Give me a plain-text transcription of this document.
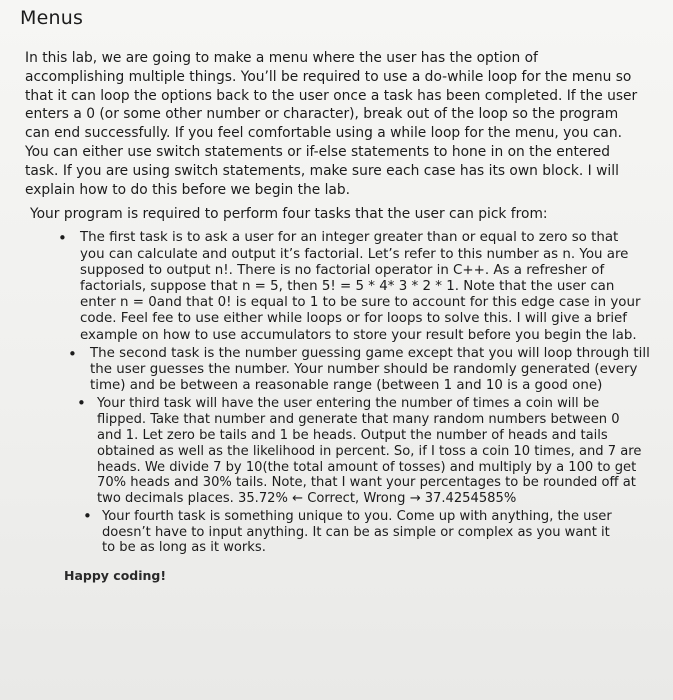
Menus

In this lab, we are going to make a menu where the user has the option of accomplishing multiple things. You’ll be required to use a do-while loop for the menu so that it can loop the options back to the user once a task has been completed. If the user enters a 0 (or some other number or character), break out of the loop so the program can end successfully. If you feel comfortable using a while loop for the menu, you can. You can either use switch statements or if-else statements to hone in on the entered task. If you are using switch statements, make sure each case has its own block. I will explain how to do this before we begin the lab.

Your program is required to perform four tasks that the user can pick from:

• The first task is to ask a user for an integer greater than or equal to zero so that you can calculate and output it’s factorial. Let’s refer to this number as n. You are supposed to output n!. There is no factorial operator in C++. As a refresher of factorials, suppose that n = 5, then 5! = 5 * 4* 3 * 2 * 1. Note that the user can enter n = 0and that 0! is equal to 1 to be sure to account for this edge case in your code. Feel fee to use either while loops or for loops to solve this. I will give a brief example on how to use accumulators to store your result before you begin the lab.
• The second task is the number guessing game except that you will loop through till the user guesses the number. Your number should be randomly generated (every time) and be between a reasonable range (between 1 and 10 is a good one)
• Your third task will have the user entering the number of times a coin will be flipped. Take that number and generate that many random numbers between 0 and 1. Let zero be tails and 1 be heads. Output the number of heads and tails obtained as well as the likelihood in percent. So, if I toss a coin 10 times, and 7 are heads. We divide 7 by 10(the total amount of tosses) and multiply by a 100 to get 70% heads and 30% tails. Note, that I want your percentages to be rounded off at two decimals places. 35.72% ← Correct, Wrong → 37.4254585%
• Your fourth task is something unique to you. Come up with anything, the user doesn’t have to input anything. It can be as simple or complex as you want it to be as long as it works.
Happy coding!
